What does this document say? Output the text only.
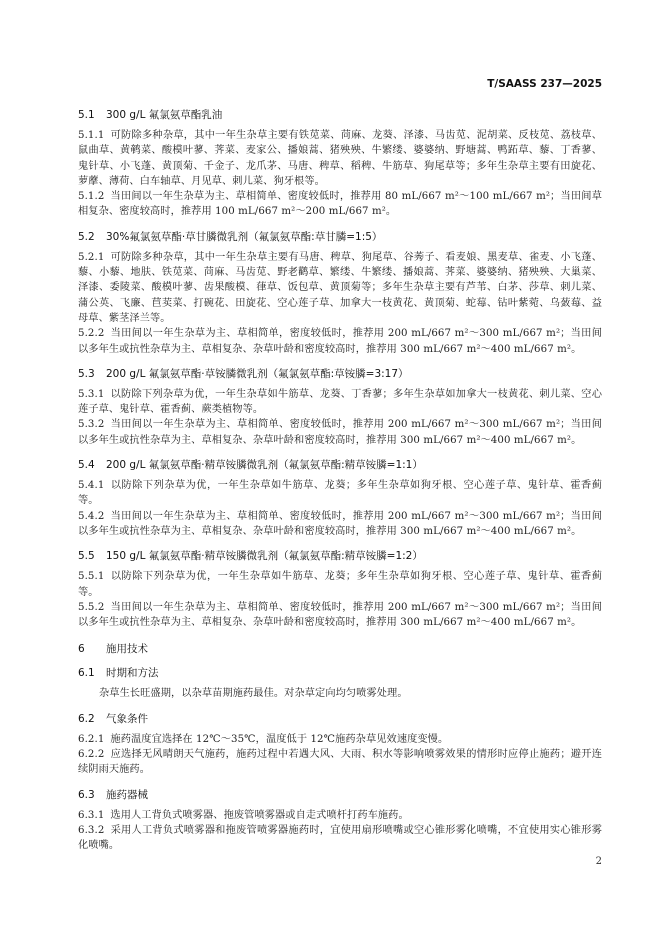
T/SAASS 237—2025
5.1 300 g/L 氟氯氨草酯乳油

5.1.1 可防除多种杂草，其中一年生杂草主要有铁苋菜、苘麻、龙葵、泽漆、马齿苋、泥胡菜、反枝苋、荔枝草、鼠曲草、黄鹌菜、酸模叶蓼、荠菜、麦家公、播娘蒿、猪殃殃、牛繁缕、婆婆纳、野塘蒿、鸭跖草、藜、丁香蓼、鬼针草、小飞蓬、黄顶菊、千金子、龙爪茅、马唐、稗草、稻稗、牛筋草、狗尾草等；多年生杂草主要有田旋花、萝藦、薄荷、白车轴草、月见草、刺儿菜、狗牙根等。

5.1.2 当田间以一年生杂草为主、草相简单、密度较低时，推荐用 80 mL/667 m²～100 mL/667 m²；当田间草相复杂、密度较高时，推荐用 100 mL/667 m²～200 mL/667 m²。

5.2 30%氟氯氨草酯·草甘膦微乳剂（氟氯氨草酯:草甘膦=1:5）

5.2.1 可防除多种杂草，其中一年生杂草主要有马唐、稗草、狗尾草、谷莠子、看麦娘、黑麦草、雀麦、小飞蓬、藜、小藜、地肤、铁苋菜、苘麻、马齿苋、野老鹳草、繁缕、牛繁缕、播娘蒿、荠菜、婆婆纳、猪殃殃、大巢菜、泽漆、委陵菜、酸模叶蓼、齿果酸模、葎草、饭包草、黄顶菊等；多年生杂草主要有芦苇、白茅、莎草、刺儿菜、蒲公英、飞廉、苣荬菜、打碗花、田旋花、空心莲子草、加拿大一枝黄花、黄顶菊、蛇莓、钻叶紫菀、乌蔹莓、益母草、紫茎泽兰等。

5.2.2 当田间以一年生杂草为主、草相简单，密度较低时，推荐用 200 mL/667 m²～300 mL/667 m²；当田间以多年生或抗性杂草为主、草相复杂、杂草叶龄和密度较高时，推荐用 300 mL/667 m²～400 mL/667 m²。

5.3 200 g/L 氟氯氨草酯·草铵膦微乳剂（氟氯氨草酯:草铵膦=3:17）

5.3.1 以防除下列杂草为优，一年生杂草如牛筋草、龙葵、丁香蓼；多年生杂草如加拿大一枝黄花、刺儿菜、空心莲子草、鬼针草、霍香蓟、蕨类植物等。

5.3.2 当田间以一年生杂草为主、草相简单、密度较低时，推荐用 200 mL/667 m²～300 mL/667 m²；当田间以多年生或抗性杂草为主、草相复杂、杂草叶龄和密度较高时，推荐用 300 mL/667 m²～400 mL/667 m²。

5.4 200 g/L 氟氯氨草酯·精草铵膦微乳剂（氟氯氨草酯:精草铵膦=1:1）

5.4.1 以防除下列杂草为优，一年生杂草如牛筋草、龙葵；多年生杂草如狗牙根、空心莲子草、鬼针草、霍香蓟等。

5.4.2 当田间以一年生杂草为主、草相简单、密度较低时，推荐用 200 mL/667 m²～300 mL/667 m²；当田间以多年生或抗性杂草为主、草相复杂、杂草叶龄和密度较高时，推荐用 300 mL/667 m²～400 mL/667 m²。

5.5 150 g/L 氟氯氨草酯·精草铵膦微乳剂（氟氯氨草酯:精草铵膦=1:2）

5.5.1 以防除下列杂草为优，一年生杂草如牛筋草、龙葵；多年生杂草如狗牙根、空心莲子草、鬼针草、霍香蓟等。

5.5.2 当田间以一年生杂草为主、草相简单、密度较低时，推荐用 200 mL/667 m²～300 mL/667 m²；当田间以多年生或抗性杂草为主、草相复杂、杂草叶龄和密度较高时，推荐用 300 mL/667 m²～400 mL/667 m²。

6 施用技术
6.1 时期和方法

杂草生长旺盛期，以杂草苗期施药最佳。对杂草定向均匀喷雾处理。

6.2 气象条件

6.2.1 施药温度宜选择在 12℃～35℃，温度低于 12℃施药杂草见效速度变慢。

6.2.2 应选择无风晴朗天气施药，施药过程中若遇大风、大雨、积水等影响喷雾效果的情形时应停止施药；避开连续阴雨天施药。

6.3 施药器械

6.3.1 选用人工背负式喷雾器、拖废管喷雾器或自走式喷杆打药车施药。

6.3.2 采用人工背负式喷雾器和拖废管喷雾器施药时，宜使用扇形喷嘴或空心锥形雾化喷嘴，不宜使用实心锥形雾化喷嘴。

2
